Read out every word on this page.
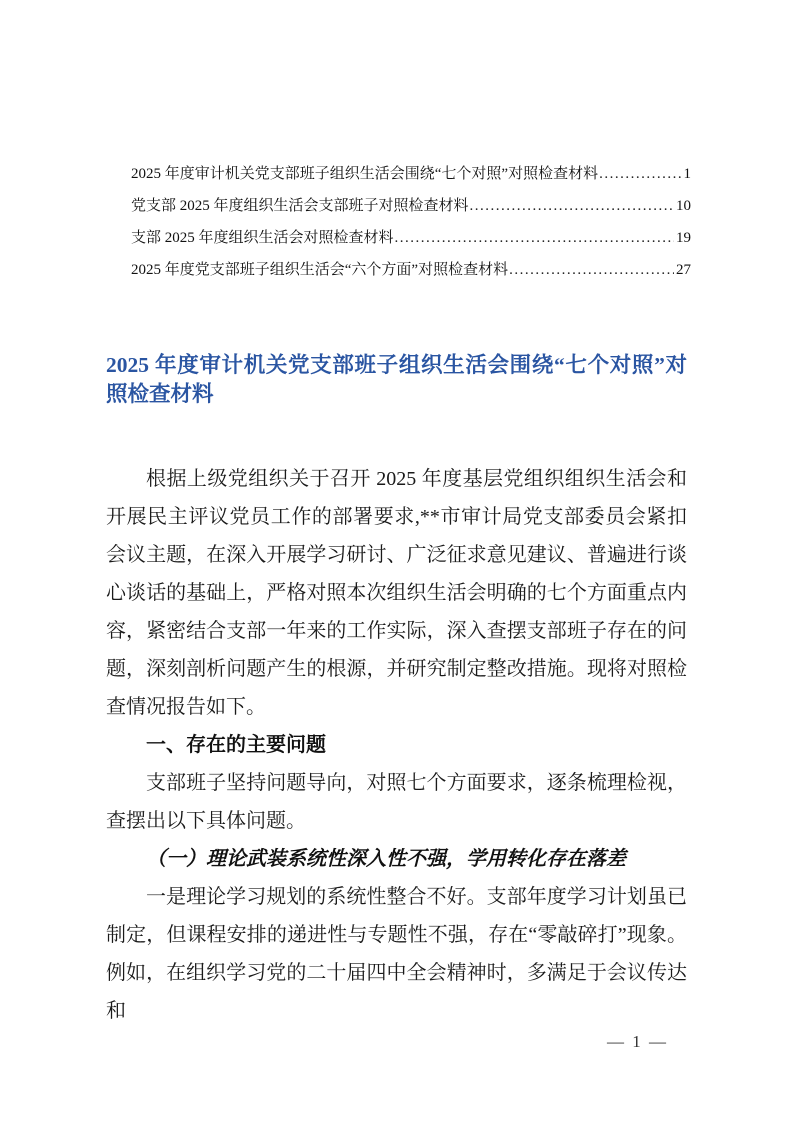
2025 年度审计机关党支部班子组织生活会围绕“七个对照”对照检查材料 .....	1
党支部 2025 年度组织生活会支部班子对照检查材料 .....	10
支部 2025 年度组织生活会对照检查材料 .....	19
2025 年度党支部班子组织生活会“六个方面”对照检查材料 .....	27
2025 年度审计机关党支部班子组织生活会围绕“七个对照”对照检查材料

根据上级党组织关于召开 2025 年度基层党组织组织生活会和开展民主评议党员工作的部署要求,**市审计局党支部委员会紧扣会议主题，在深入开展学习研讨、广泛征求意见建议、普遍进行谈心谈话的基础上，严格对照本次组织生活会明确的七个方面重点内容，紧密结合支部一年来的工作实际，深入查摆支部班子存在的问题，深刻剖析问题产生的根源，并研究制定整改措施。现将对照检查情况报告如下。

一、存在的主要问题

支部班子坚持问题导向，对照七个方面要求，逐条梳理检视，查摆出以下具体问题。

（一）理论武装系统性深入性不强，学用转化存在落差

一是理论学习规划的系统性整合不好。支部年度学习计划虽已制定，但课程安排的递进性与专题性不强，存在“零敲碎打”现象。例如，在组织学习党的二十届四中全会精神时，多满足于会议传达和

— 1 —
